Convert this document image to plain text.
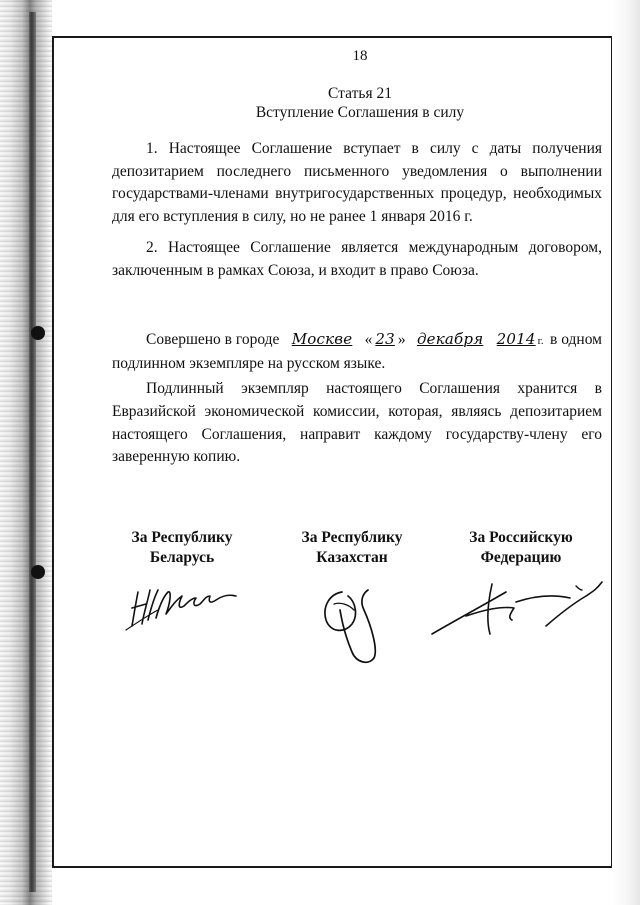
18
Статья 21
Вступление Соглашения в силу

1. Настоящее Соглашение вступает в силу с даты получения депозитарием последнего письменного уведомления о выполнении государствами-членами внутригосударственных процедур, необходимых для его вступления в силу, но не ранее 1 января 2016 г.

2. Настоящее Соглашение является международным договором, заключенным в рамках Союза, и входит в право Союза.

Совершено в городе Москве « 23 » декабря 2014 г. в одном
подлинном экземпляре на русском языке.

Подлинный экземпляр настоящего Соглашения хранится в Евразийской экономической комиссии, которая, являясь депозитарием настоящего Соглашения, направит каждому государству-члену его заверенную копию.

За Республику
Беларусь
За Республику
Казахстан
За Российскую
Федерацию
